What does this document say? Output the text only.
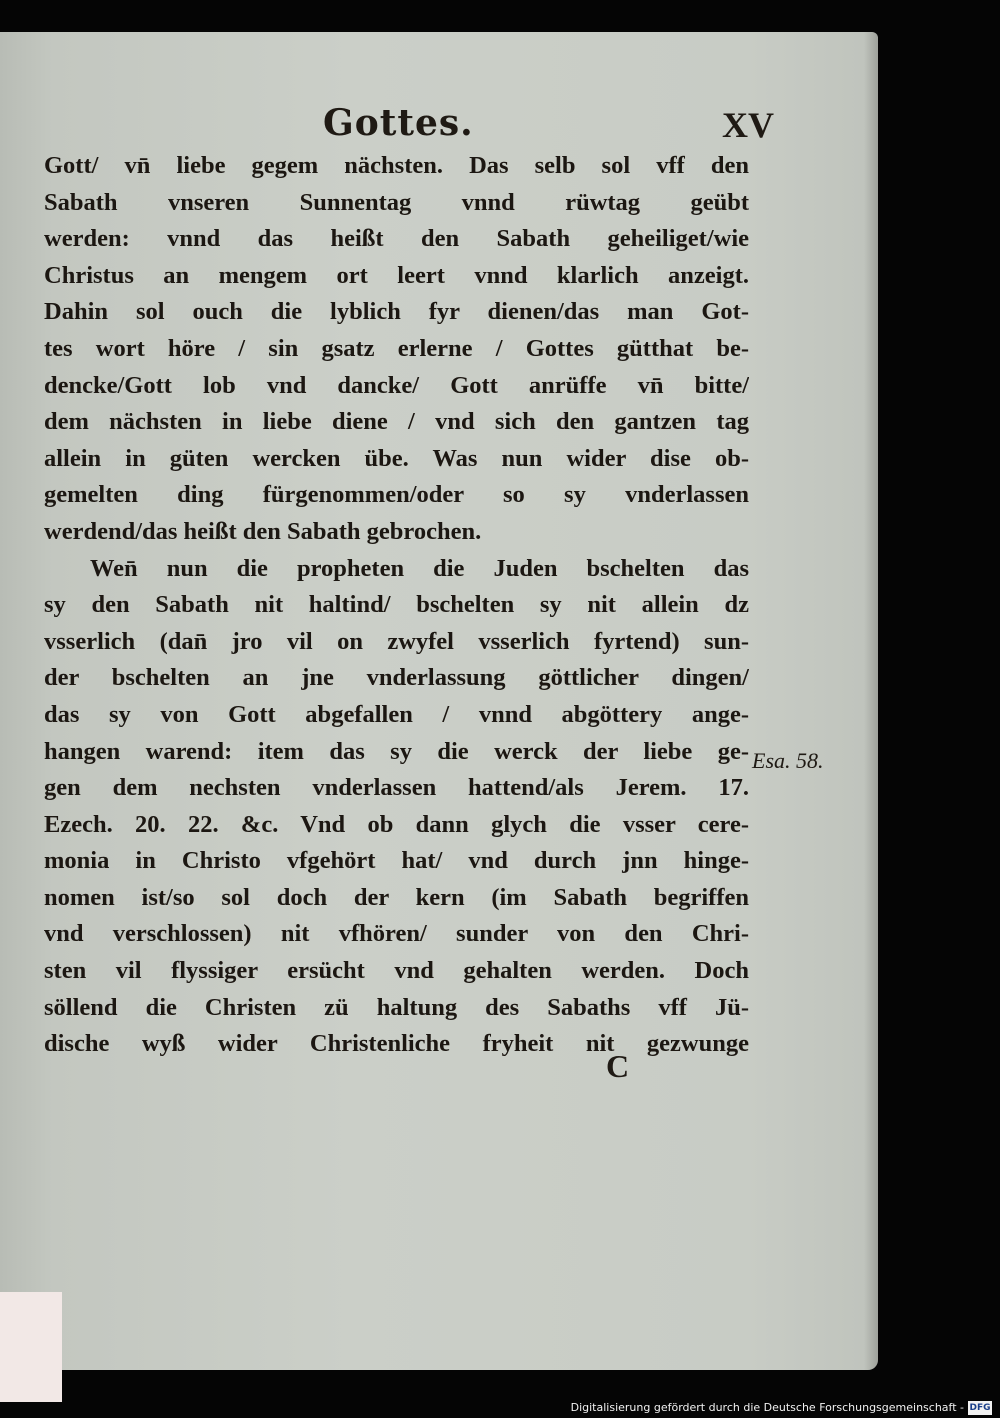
Gottes.	XV
Gott/ vn̄ liebe gegem nächsten. Das selb sol vff den
Sabath vnseren Sunnentag vnnd rüwtag geübt
werden: vnnd das heißt den Sabath geheiliget/wie
Christus an mengem ort leert vnnd klarlich anzeigt.
Dahin sol ouch die lyblich fyr dienen/das man Got-
tes wort höre / sin gsatz erlerne / Gottes gütthat be-
dencke/Gott lob vnd dancke/ Gott anrüffe vn̄ bitte/
dem nächsten in liebe diene / vnd sich den gantzen tag
allein in güten wercken übe. Was nun wider dise ob-
gemelten ding fürgenommen/oder so sy vnderlassen
werdend/das heißt den Sabath gebrochen.
Wen̄ nun die propheten die Juden bschelten das
sy den Sabath nit haltind/ bschelten sy nit allein dz
vsserlich (dan̄ jro vil on zwyfel vsserlich fyrtend) sun-
der bschelten an jne vnderlassung göttlicher dingen/
das sy von Gott abgefallen / vnnd abgöttery ange-
hangen warend: item das sy die werck der liebe ge-
gen dem nechsten vnderlassen hattend/als Jerem. 17.
Ezech. 20. 22. &c. Vnd ob dann glych die vsser cere-
monia in Christo vfgehört hat/ vnd durch jnn hinge-
nomen ist/so sol doch der kern (im Sabath begriffen
vnd verschlossen) nit vfhören/ sunder von den Chri-
sten vil flyssiger ersücht vnd gehalten werden. Doch
söllend die Christen zü haltung des Sabaths vff Jü-
dische wyß wider Christenliche fryheit nit gezwunge
Esa. 58.
C
Digitalisierung gefördert durch die Deutsche Forschungsgemeinschaft - DFG
